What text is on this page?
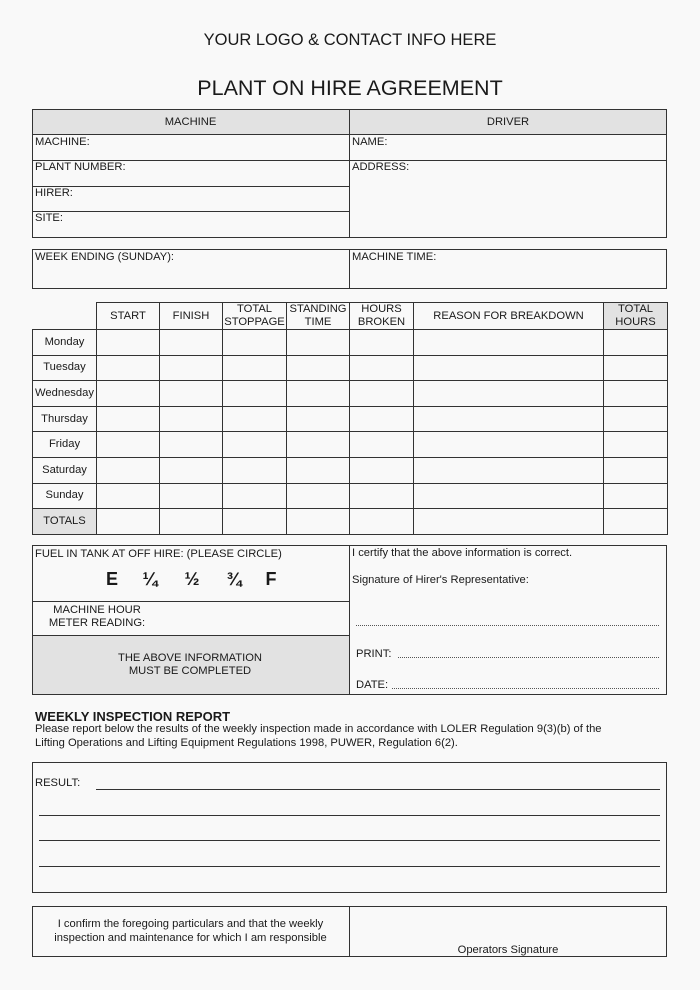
YOUR LOGO & CONTACT INFO HERE
PLANT ON HIRE AGREEMENT
MACHINE	DRIVER
MACHINE:
PLANT NUMBER:
HIRER:
SITE:
NAME:
ADDRESS:
WEEK ENDING (SUNDAY):	MACHINE TIME:
	START	FINISH	TOTAL STOPPAGE	STANDING TIME	HOURS BROKEN	REASON FOR BREAKDOWN	TOTAL HOURS
Monday							
Tuesday							
Wednesday							
Thursday							
Friday							
Saturday							
Sunday							
TOTALS							
FUEL IN TANK AT OFF HIRE: (PLEASE CIRCLE)
E	¼	½	¾	F
MACHINE HOUR METER READING:
THE ABOVE INFORMATION MUST BE COMPLETED
I certify that the above information is correct.
Signature of Hirer's Representative:
PRINT:
DATE:
WEEKLY INSPECTION REPORT
Please report below the results of the weekly inspection made in accordance with LOLER Regulation 9(3)(b) of the
Lifting Operations and Lifting Equipment Regulations 1998, PUWER, Regulation 6(2).
RESULT:
I confirm the foregoing particulars and that the weekly
inspection and maintenance for which I am responsible
Operators Signature
